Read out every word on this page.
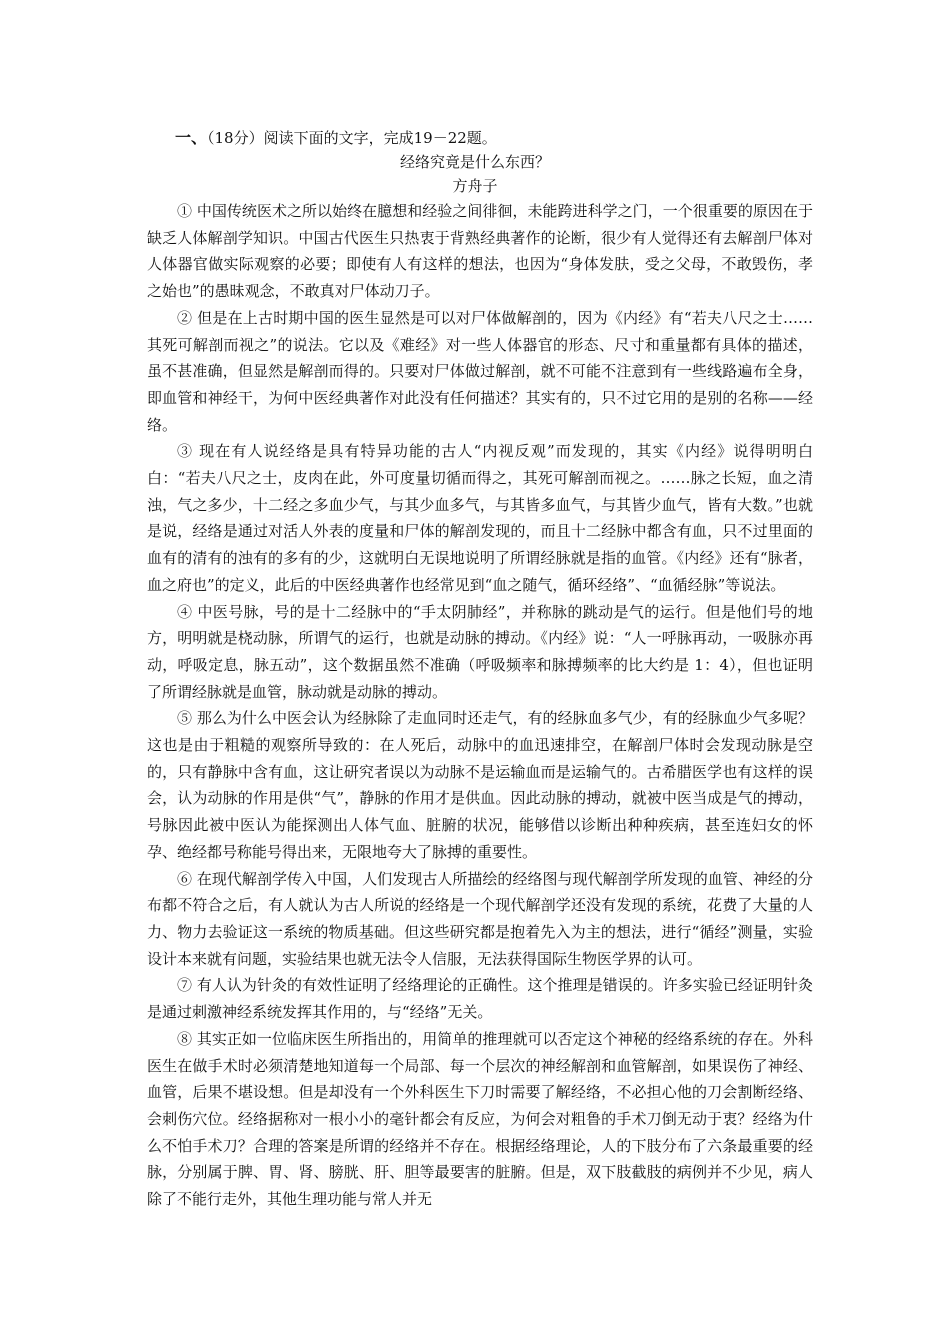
一、（18分）阅读下面的文字，完成19－22题。
经络究竟是什么东西？
方舟子

① 中国传统医术之所以始终在臆想和经验之间徘徊，未能跨进科学之门，一个很重要的原因在于缺乏人体解剖学知识。中国古代医生只热衷于背熟经典著作的论断，很少有人觉得还有去解剖尸体对人体器官做实际观察的必要；即使有人有这样的想法，也因为“身体发肤，受之父母，不敢毁伤，孝之始也”的愚昧观念，不敢真对尸体动刀子。

② 但是在上古时期中国的医生显然是可以对尸体做解剖的，因为《内经》有“若夫八尺之士……其死可解剖而视之”的说法。它以及《难经》对一些人体器官的形态、尺寸和重量都有具体的描述，虽不甚准确，但显然是解剖而得的。只要对尸体做过解剖，就不可能不注意到有一些线路遍布全身，即血管和神经干，为何中医经典著作对此没有任何描述？其实有的，只不过它用的是别的名称——经络。

③ 现在有人说经络是具有特异功能的古人“内视反观”而发现的，其实《内经》说得明明白白：“若夫八尺之士，皮肉在此，外可度量切循而得之，其死可解剖而视之。……脉之长短，血之清浊，气之多少，十二经之多血少气，与其少血多气，与其皆多血气，与其皆少血气，皆有大数。”也就是说，经络是通过对活人外表的度量和尸体的解剖发现的，而且十二经脉中都含有血，只不过里面的血有的清有的浊有的多有的少，这就明白无误地说明了所谓经脉就是指的血管。《内经》还有“脉者，血之府也”的定义，此后的中医经典著作也经常见到“血之随气，循环经络”、“血循经脉”等说法。

④ 中医号脉，号的是十二经脉中的“手太阴肺经”，并称脉的跳动是气的运行。但是他们号的地方，明明就是桡动脉，所谓气的运行，也就是动脉的搏动。《内经》说：“人一呼脉再动，一吸脉亦再动，呼吸定息，脉五动”，这个数据虽然不准确（呼吸频率和脉搏频率的比大约是 1：4），但也证明了所谓经脉就是血管，脉动就是动脉的搏动。

⑤ 那么为什么中医会认为经脉除了走血同时还走气，有的经脉血多气少，有的经脉血少气多呢？这也是由于粗糙的观察所导致的：在人死后，动脉中的血迅速排空，在解剖尸体时会发现动脉是空的，只有静脉中含有血，这让研究者误以为动脉不是运输血而是运输气的。古希腊医学也有这样的误会，认为动脉的作用是供“气”，静脉的作用才是供血。因此动脉的搏动，就被中医当成是气的搏动，号脉因此被中医认为能探测出人体气血、脏腑的状况，能够借以诊断出种种疾病，甚至连妇女的怀孕、绝经都号称能号得出来，无限地夸大了脉搏的重要性。

⑥ 在现代解剖学传入中国，人们发现古人所描绘的经络图与现代解剖学所发现的血管、神经的分布都不符合之后，有人就认为古人所说的经络是一个现代解剖学还没有发现的系统，花费了大量的人力、物力去验证这一系统的物质基础。但这些研究都是抱着先入为主的想法，进行“循经”测量，实验设计本来就有问题，实验结果也就无法令人信服，无法获得国际生物医学界的认可。

⑦ 有人认为针灸的有效性证明了经络理论的正确性。这个推理是错误的。许多实验已经证明针灸是通过刺激神经系统发挥其作用的，与“经络”无关。

⑧ 其实正如一位临床医生所指出的，用简单的推理就可以否定这个神秘的经络系统的存在。外科医生在做手术时必须清楚地知道每一个局部、每一个层次的神经解剖和血管解剖，如果误伤了神经、血管，后果不堪设想。但是却没有一个外科医生下刀时需要了解经络，不必担心他的刀会割断经络、会刺伤穴位。经络据称对一根小小的毫针都会有反应，为何会对粗鲁的手术刀倒无动于衷？经络为什么不怕手术刀？合理的答案是所谓的经络并不存在。根据经络理论，人的下肢分布了六条最重要的经脉，分别属于脾、胃、肾、膀胱、肝、胆等最要害的脏腑。但是，双下肢截肢的病例并不少见，病人除了不能行走外，其他生理功能与常人并无
